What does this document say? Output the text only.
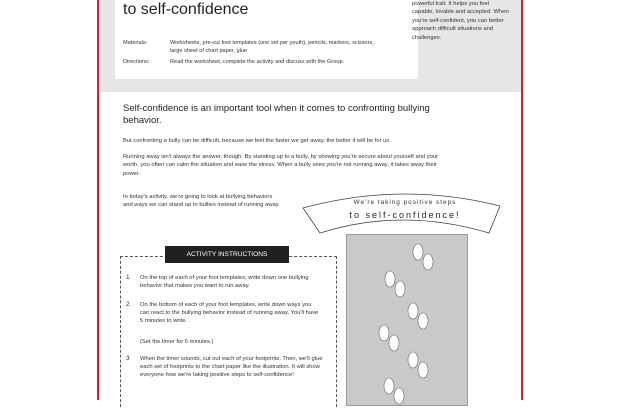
to self-confidence
Materials:	Worksheets, pre-cut foot templates (one set per youth), pencils, markers, scissors, large sheet of chart paper, glue
Directions:	Read the worksheet, complete the activity and discuss with the Group.
powerful trait. It helps you feel capable, lovable and accepted. When you're self-confident, you can better approach difficult situations and challenges.
Self-confidence is an important tool when it comes to confronting bullying behavior.
But confronting a bully can be difficult, because we feel the faster we get away, the better it will be for us.
Running away isn't always the answer, though. By standing up to a bully, by showing you're secure about yourself and your worth, you often can calm the situation and ease the stress. When a bully sees you're not running away, it takes away their power.
In today's activity, we're going to look at bullying behaviors and ways we can stand up to bullies instead of running away.	We're taking positive steps
to self-confidence!
ACTIVITY INSTRUCTIONS
1 On the top of each of your foot templates, write down one bullying behavior that makes you want to run away.
2 On the bottom of each of your foot templates, write down ways you can react to the bullying behavior instead of running away. You'll have 5 minutes to write.
(Set the timer for 5 minutes.)
3 When the timer sounds, cut out each of your footprints. Then, we'll glue each set of footprints to the chart paper like the illustration. It will show everyone how we're taking positive steps to self-confidence!
